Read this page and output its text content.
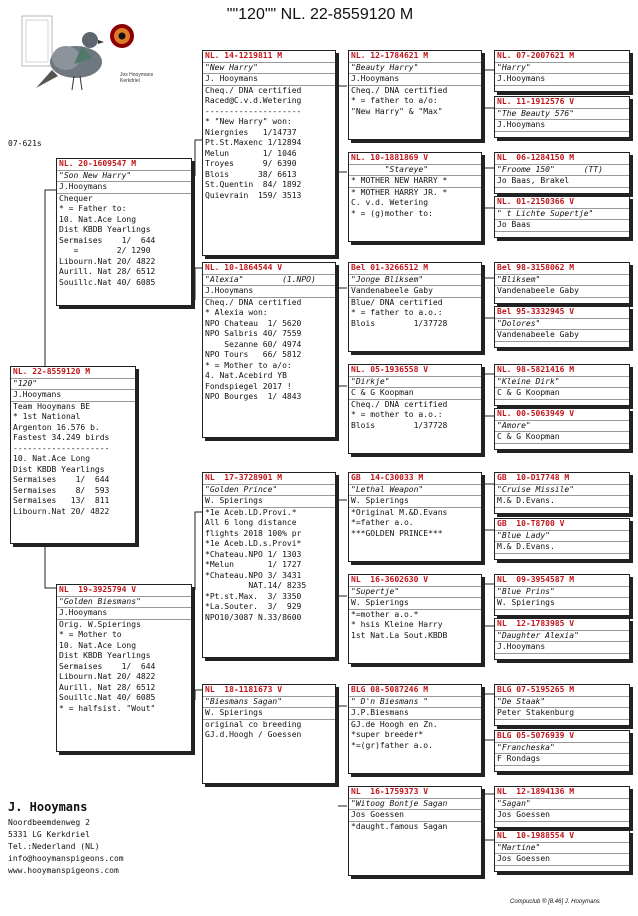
""120"" NL. 22-8559120 M
Jos Hooymans Kerkdriel
07-621s
NL. 22-8559120 M
"120"
J.Hooymans
Team Hooymans BE
* 1st National
Argenton 16.576 b.
Fastest 34.249 birds
--------------------
10. Nat.Ace Long
Dist KBDB Yearlings
Sermaises    1/  644
Sermaises    8/  593
Sermaises   13/  811
Libourn.Nat 20/ 4822
NL. 20-1609547 M
"Son New Harry"
J.Hooymans
Chequer
* = Father to:
10. Nat.Ace Long
Dist KBDB Yearlings
Sermaises    1/  644
=        2/ 1290
Libourn.Nat 20/ 4822
Aurill. Nat 28/ 6512
Souillc.Nat 40/ 6085
NL  19-3925794 V
"Golden Biesmans"
J.Hooymans
Orig. W.Spierings
* = Mother to
10. Nat.Ace Long
Dist KBDB Yearlings
Sermaises    1/  644
Libourn.Nat 20/ 4822
Aurill. Nat 28/ 6512
Souillc.Nat 40/ 6085
* = halfsist. "Wout"
NL. 14-1219811 M
"New Harry"
J. Hooymans
Cheq./ DNA certified
Raced@C.v.d.Wetering
--------------------
* "New Harry" won:
Niergnies   1/14737
Pt.St.Maxenc 1/12894
Melun       1/ 1046
Troyes      9/ 6390
Blois      38/ 6613
St.Quentin  84/ 1892
Quievrain  159/ 3513
NL. 10-1864544 V
"Alexia"        (1.NPO)
J.Hooymans
Cheq./ DNA certified
* Alexia won:
NPO Chateau  1/ 5620
NPO Salbris 40/ 7559
Sezanne 60/ 4974
NPO Tours   66/ 5812
* = Mother to a/o:
4. Nat.Acebird YB
Fondspiegel 2017 !
NPO Bourges  1/ 4843
NL  17-3728901 M
"Golden Prince"
W. Spierings
*1e Aceb.LD.Provi.*
All 6 long distance
flights 2018 100% pr
*1e Aceb.LD.s.Provi*
*Chateau.NPO 1/ 1303
*Melun       1/ 1727
*Chateau.NPO 3/ 3431
NAT.14/ 8235
*Pt.st.Max.  3/ 3350
*La.Souter.  3/  929
NPO10/3087 N.33/8600
NL  18-1181673 V
"Biesmans Sagan"
W. Spierings
original co breeding
GJ.d.Hoogh / Goessen
NL. 12-1784621 M
"Beauty Harry"
J.Hooymans
Cheq./ DNA certified
* = father to a/o:
"New Harry" & "Max"
NL. 10-1881869 V
"Stareye"
* MOTHER NEW HARRY *
* MOTHER HARRY JR. *
C. v.d. Wetering
* = (g)mother to:
Bel 01-3266512 M
"Jonge Bliksem"
Vandenabeele Gaby
Blue/ DNA certified
* = father to a.o.:
Blois        1/37728
NL. 05-1936558 V
"Dirkje"
C & G Koopman
Cheq./ DNA certified
* = mother to a.o.:
Blois        1/37728
GB  14-C30033 M
"Lethal Weapon"
W. Spierings
*Original M.&D.Evans
*=father a.o.
***GOLDEN PRINCE***
NL  16-3602630 V
"Supertje"
W. Spierings
*=mother a.o.*
* hsis Kleine Harry
1st Nat.La Sout.KBDB
BLG 08-5087246 M
" D'n Biesmans "
J.P.Biesmans
GJ.de Hoogh en Zn.
*super breeder*
*=(gr)father a.o.
NL  16-1759373 V
"Witoog Bontje Sagan
Jos Goessen
*daught.famous Sagan
NL. 07-2007621 M
"Harry"
J.Hooymans
NL. 11-1912576 V
"The Beauty 576"
J.Hooymans
NL  06-1284150 M
"Froome 150"      (TT)
Jo Baas, Brakel
NL. 01-2150366 V
" t Lichte Supertje"
Jo Baas
Bel 98-3158062 M
"Bliksem"
Vandenabeele Gaby
Bel 95-3332945 V
"Dolores"
Vandenabeele Gaby
NL. 98-5821416 M
"Kleine Dirk"
C & G Koopman
NL. 00-5063949 V
"Amore"
C & G Koopman
GB  10-D17748 M
"Cruise Missile"
M.& D.Evans.
GB  10-T8700 V
"Blue Lady"
M.& D.Evans.
NL  09-3954587 M
"Blue Prins"
W. Spierings
NL  12-1783985 V
"Daughter Alexia"
J.Hooymans
BLG 07-5195265 M
"De Staak"
Peter Stakenburg
BLG 05-5076939 V
"Francheska"
F Rondags
NL  12-1894136 M
"Sagan"
Jos Goessen
NL  10-1988554 V
"Martine"
Jos Goessen
J. Hooymans
Noordbeemdenweg 2
5331 LG Kerkdriel
Tel.:Nederland (NL)
info@hooymanspigeons.com
www.hooymanspigeons.com
Compuclub ® [8.46] J. Hooymans
